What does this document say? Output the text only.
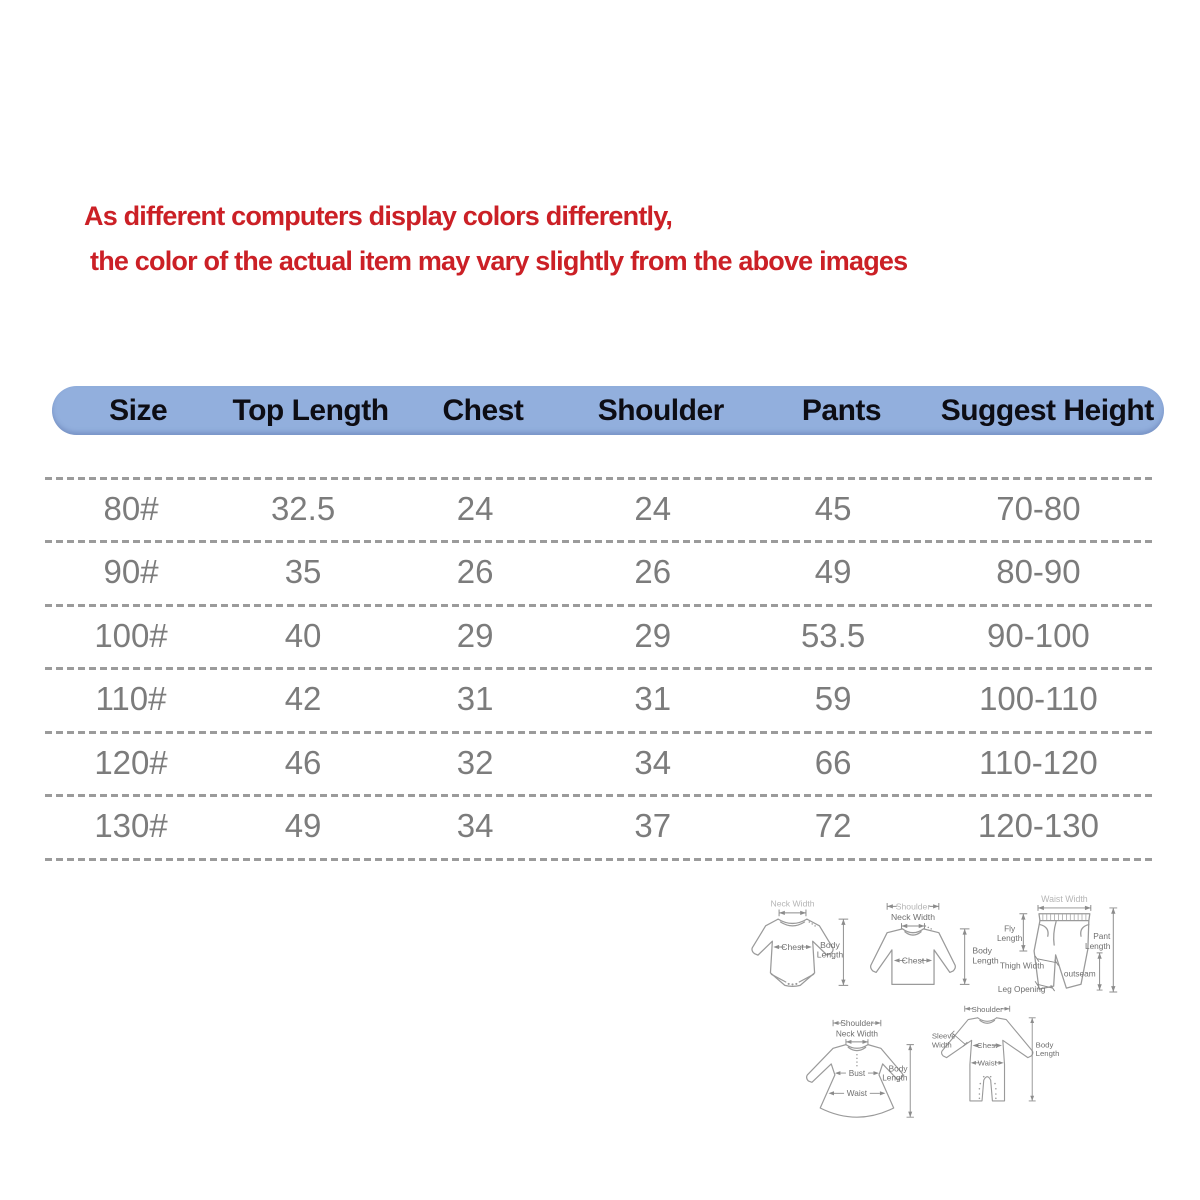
As different computers display colors differently,
the color of the actual item may vary slightly from the above images
Size	Top Length	Chest	Shoulder	Pants	Suggest Height
80#	32.5	24	24	45	70-80
90#	35	26	26	49	80-90
100#	40	29	29	53.5	90-100
110#	42	31	31	59	100-110
120#	46	32	34	66	110-120
130#	49	34	37	72	120-130
Neck Width
Chest Body
Length
Shoulder
Neck Width
Chest
Body
Length
Waist Width
Fly
Length
Thigh Width
Leg Opening
outseam
Pant
Length
Shoulder
Neck Width
Bust
Waist
Body
Length
Shoulder
Sleeve
Width	Chest
Waist
Body
Length
